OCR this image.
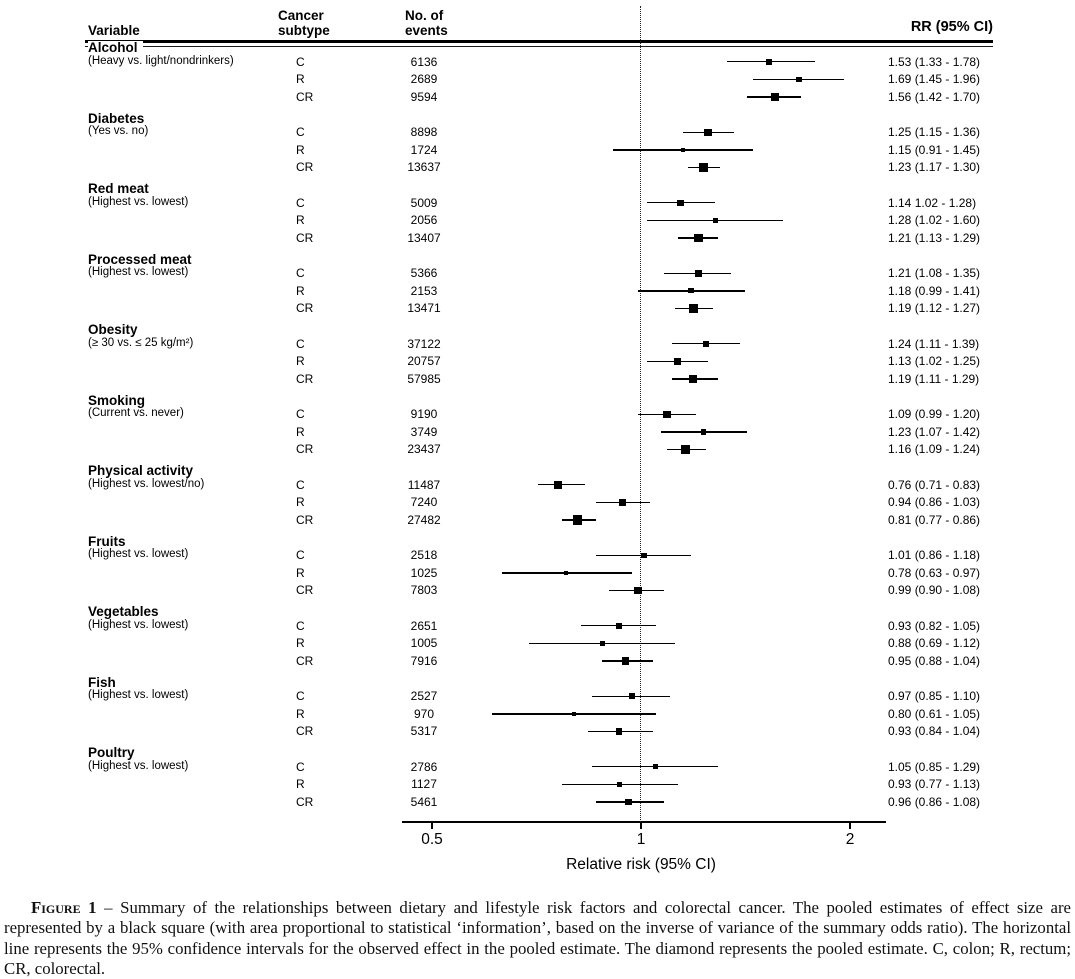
Variable
Cancer
subtype
No. of
events	RR (95% CI)
Alcohol
(Heavy vs. light/nondrinkers)	C	6136	1.53 (1.33 - 1.78)
R	2689	1.69 (1.45 - 1.96)
CR	9594	1.56 (1.42 - 1.70)
Diabetes
(Yes vs. no)	C	8898	1.25 (1.15 - 1.36)
R	1724	1.15 (0.91 - 1.45)
CR	13637	1.23 (1.17 - 1.30)
Red meat
(Highest vs. lowest)	C	5009	1.14 1.02 - 1.28)
R	2056	1.28 (1.02 - 1.60)
CR	13407	1.21 (1.13 - 1.29)
Processed meat
(Highest vs. lowest)	C	5366	1.21 (1.08 - 1.35)
R	2153	1.18 (0.99 - 1.41)
CR	13471	1.19 (1.12 - 1.27)
Obesity
(≥ 30 vs. ≤ 25 kg/m²)	C	37122	1.24 (1.11 - 1.39)
R	20757	1.13 (1.02 - 1.25)
CR	57985	1.19 (1.11 - 1.29)
Smoking
(Current vs. never)	C	9190	1.09 (0.99 - 1.20)
R	3749	1.23 (1.07 - 1.42)
CR	23437	1.16 (1.09 - 1.24)
Physical activity
(Highest vs. lowest/no)	C	11487	0.76 (0.71 - 0.83)
R	7240	0.94 (0.86 - 1.03)
CR	27482	0.81 (0.77 - 0.86)
Fruits
(Highest vs. lowest)	C	2518	1.01 (0.86 - 1.18)
R	1025	0.78 (0.63 - 0.97)
CR	7803	0.99 (0.90 - 1.08)
Vegetables
(Highest vs. lowest)	C	2651	0.93 (0.82 - 1.05)
R	1005	0.88 (0.69 - 1.12)
CR	7916	0.95 (0.88 - 1.04)
Fish
(Highest vs. lowest)	C	2527	0.97 (0.85 - 1.10)
R	970	0.80 (0.61 - 1.05)
CR	5317	0.93 (0.84 - 1.04)
Poultry
(Highest vs. lowest)	C	2786	1.05 (0.85 - 1.29)
R	1127	0.93 (0.77 - 1.13)
CR	5461	0.96 (0.86 - 1.08)
0.5	1	2
Relative risk (95% CI)
Figure 1 – Summary of the relationships between dietary and lifestyle risk factors and colorectal cancer. The pooled estimates of effect size are represented by a black square (with area proportional to statistical ‘information’, based on the inverse of variance of the summary odds ratio). The horizontal line represents the 95% confidence intervals for the observed effect in the pooled estimate. The diamond represents the pooled estimate. C, colon; R, rectum; CR, colorectal.
